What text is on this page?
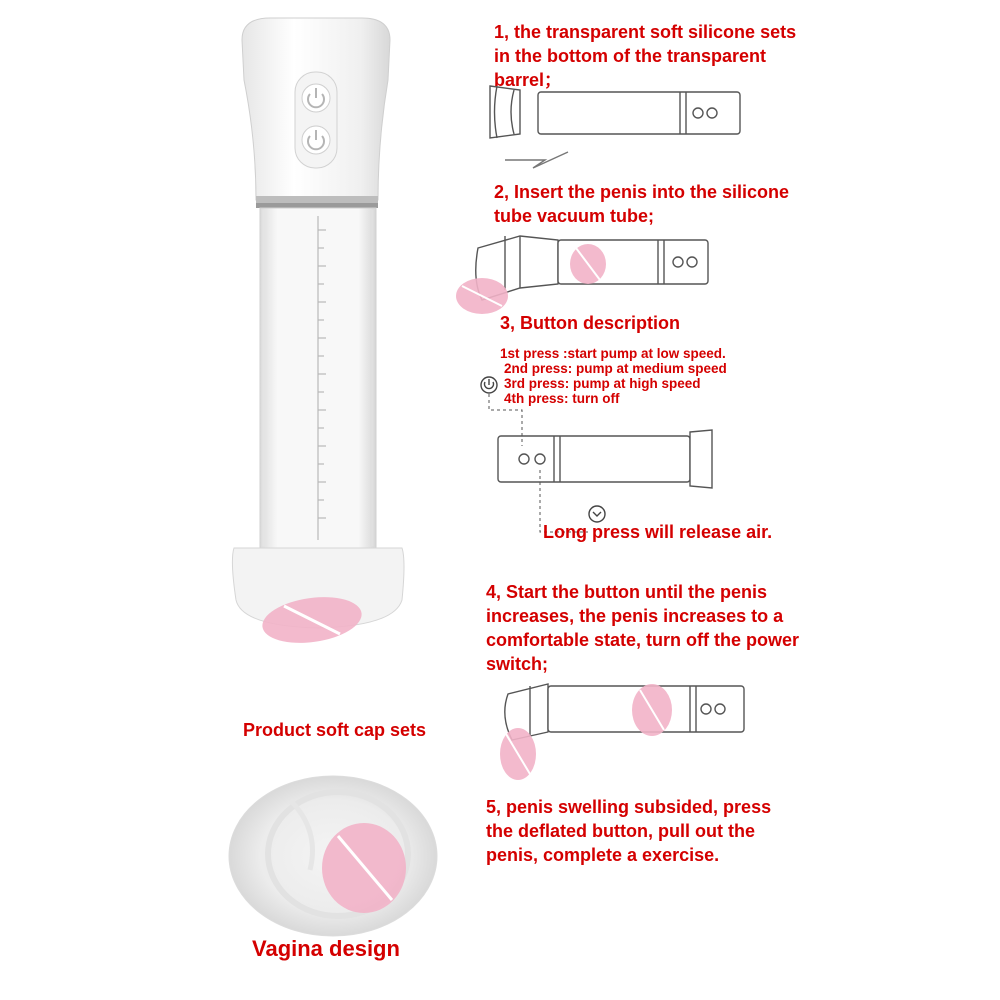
1, the transparent soft silicone sets
in the bottom of the transparent
barrel；
2, Insert the penis into the silicone
tube vacuum tube;
3, Button description
1st press :start pump at low speed.
2nd press: pump at medium speed
3rd press: pump at high speed
4th press: turn off
Long press will release air.
4, Start the button until the penis
increases, the penis increases to a
comfortable state, turn off the power
switch;
5, penis swelling subsided, press
the deflated button, pull out the
penis, complete a exercise.
Product soft cap sets
Vagina design
